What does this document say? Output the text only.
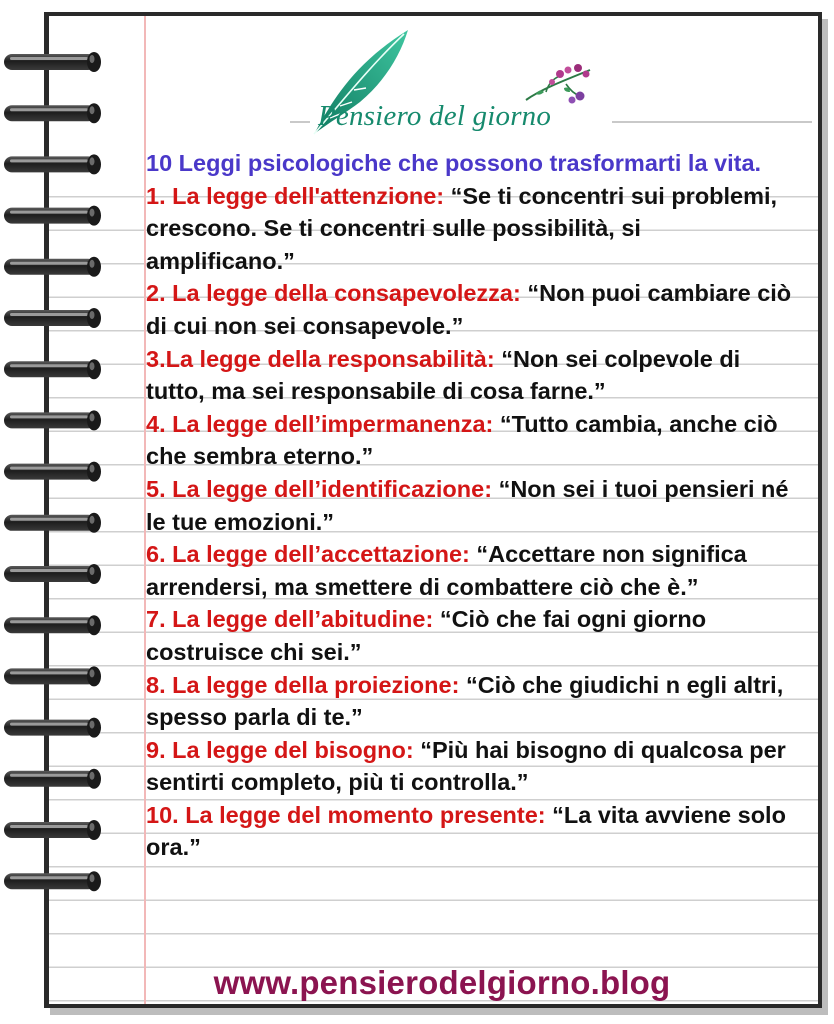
Pensiero del giorno
10 Leggi psicologiche che possono trasformarti la vita.
1. La legge dell'attenzione: “Se ti concentri sui problemi, crescono. Se ti concentri sulle possibilità, si amplificano.”
2. La legge della consapevolezza: “Non puoi cambiare ciò di cui non sei consapevole.”
3.La legge della responsabilità: “Non sei colpevole di tutto, ma sei responsabile di cosa farne.”
4. La legge dell’impermanenza: “Tutto cambia, anche ciò che sembra eterno.”
5. La legge dell’identificazione: “Non sei i tuoi pensieri né le tue emozioni.”
6. La legge dell’accettazione: “Accettare non significa arrendersi, ma smettere di combattere ciò che è.”
7. La legge dell’abitudine: “Ciò che fai ogni giorno costruisce chi sei.”
8. La legge della proiezione: “Ciò che giudichi n egli altri, spesso parla di te.”
9. La legge del bisogno: “Più hai bisogno di qualcosa per sentirti completo, più ti controlla.”
10. La legge del momento presente: “La vita avviene solo ora.”
www.pensierodelgiorno.blog
